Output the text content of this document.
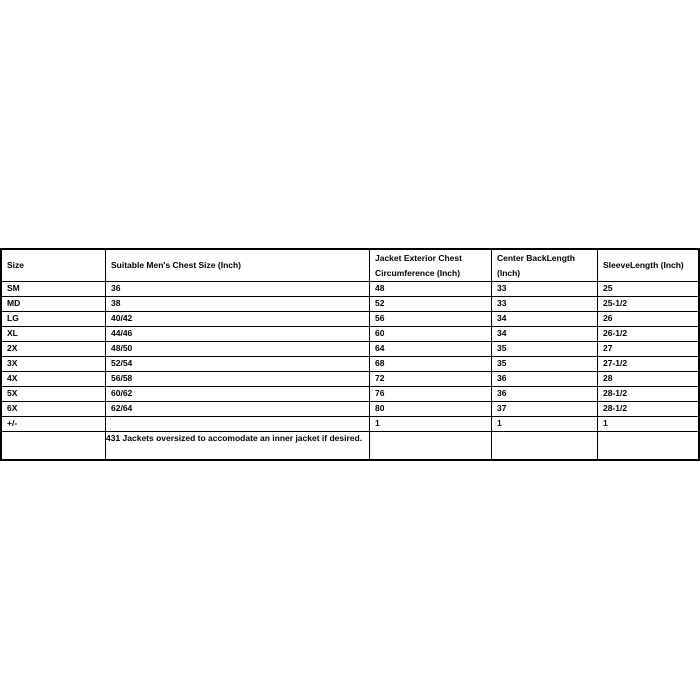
Size	Suitable Men's Chest Size (Inch)	Jacket Exterior Chest Circumference (Inch)	Center BackLength (Inch)	SleeveLength (Inch)
SM	36	48	33	25
MD	38	52	33	25-1/2
LG	40/42	56	34	26
XL	44/46	60	34	26-1/2
2X	48/50	64	35	27
3X	52/54	68	35	27-1/2
4X	56/58	72	36	28
5X	60/62	76	36	28-1/2
6X	62/64	80	37	28-1/2
+/-		1	1	1
	431 Jackets oversized to accomodate an inner jacket if desired.			
